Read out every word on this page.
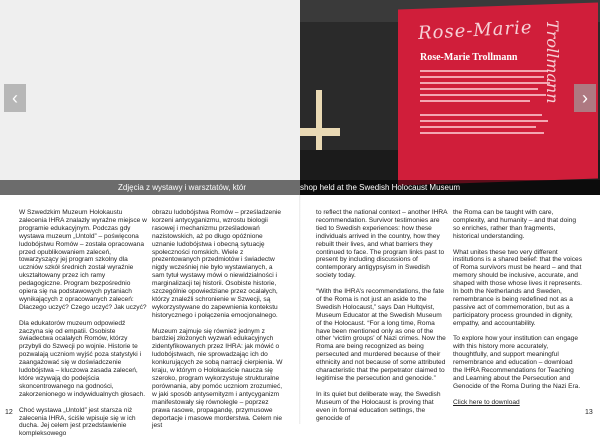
Rose-Marie
Rose-Marie Trollmann Trollmann
Zdjęcia z wystawy i warsztatów, któr	shop held at the Swedish Holocaust Museum
‹	›

W Szwedzkim Muzeum Holokaustu zalecenia IHRA znalazły wyraźne miejsce w programie edukacyjnym. Podczas gdy wystawa muzeum „Untold” – poświęcona ludobójstwu Romów – została opracowana przed opublikowaniem zaleceń, towarzyszący jej program szkolny dla uczniów szkół średnich został wyraźnie ukształtowany przez ich ramy pedagogiczne. Program bezpośrednio opiera się na podstawowych pytaniach wynikających z opracowanych zaleceń: Dlaczego uczyć? Czego uczyć? Jak uczyć?

Dla edukatorów muzeum odpowiedź zaczyna się od empatii. Osobiste świadectwa ocalałych Romów, którzy przybyli do Szwecji po wojnie. Historie te pozwalają uczniom wyjść poza statystyki i zaangażować się w doświadczenie ludobójstwa – kluczowa zasada zaleceń, które wzywają do podejścia skoncentrowanego na godności, zakorzenionego w indywidualnych głosach.

Choć wystawa „Untold” jest starsza niż zalecenia IHRA, ściśle wpisuje się w ich ducha. Jej celem jest przedstawienie kompleksowego

obrazu ludobójstwa Romów – prześladzenie korzeni antycyganizmu, wzrostu biologii rasowej i mechanizmu prześladowań nazistowskich, aż po długo opóźnione uznanie ludobójstwa i obecną sytuację społeczności romskich. Wiele z prezentowanych przedmiotów i świadectw nigdy wcześniej nie było wystawianych, a sam tytuł wystawy mówi o niewidzialności i marginalizacji tej historii. Osobiste historie, szczególnie opowiedziane przez ocalałych, którzy znaleźli schronienie w Szwecji, są wykorzystywane do zapewnienia kontekstu historycznego i połączenia emocjonalnego.

Muzeum zajmuje się również jednym z bardziej złożonych wyzwań edukacyjnych zidentyfikowanych przez IHRA: jak mówić o ludobójstwach, nie sprowadzając ich do konkurujących ze sobą narracji cierpienia. W kraju, w którym o Holokauście naucza się szeroko, program wykorzystuje strukturalne porównania, aby pomóc uczniom zrozumieć, w jaki sposób antysemityzm i antycyganizm manifestowały się równolegle – poprzez prawa rasowe, propagandę, przymusowe deportacje i masowe morderstwa. Celem nie jest

to reflect the national context – another IHRA recommendation. Survivor testimonies are tied to Swedish experiences: how these individuals arrived in the country, how they rebuilt their lives, and what barriers they continued to face. The program links past to present by including discussions of contemporary antigypsyism in Swedish society today.

“With the IHRA’s recommendations, the fate of the Roma is not just an aside to the Swedish Holocaust,” says Dan Hultqvist, Museum Educator at the Swedish Museum of the Holocaust. “For a long time, Roma have been mentioned only as one of the other ‘victim groups’ of Nazi crimes. Now the Roma are being recognized as being persecuted and murdered because of their ethnicity and not because of some attributed characteristic that the perpetrator claimed to legitimise the persecution and genocide.”

In its quiet but deliberate way, the Swedish Museum of the Holocaust is proving that even in formal education settings, the genocide of

the Roma can be taught with care, complexity, and humanity – and that doing so enriches, rather than fragments, historical understanding.

What unites these two very different institutions is a shared belief: that the voices of Roma survivors must be heard – and that memory should be inclusive, accurate, and shaped with those whose lives it represents. In both the Netherlands and Sweden, remembrance is being redefined not as a passive act of commemoration, but as a participatory process grounded in dignity, empathy, and accountability.

To explore how your institution can engage with this history more accurately, thoughtfully, and support meaningful remembrance and education – download the IHRA Recommendations for Teaching and Learning about the Persecution and Genocide of the Roma During the Nazi Era.

Click here to download

12	13
